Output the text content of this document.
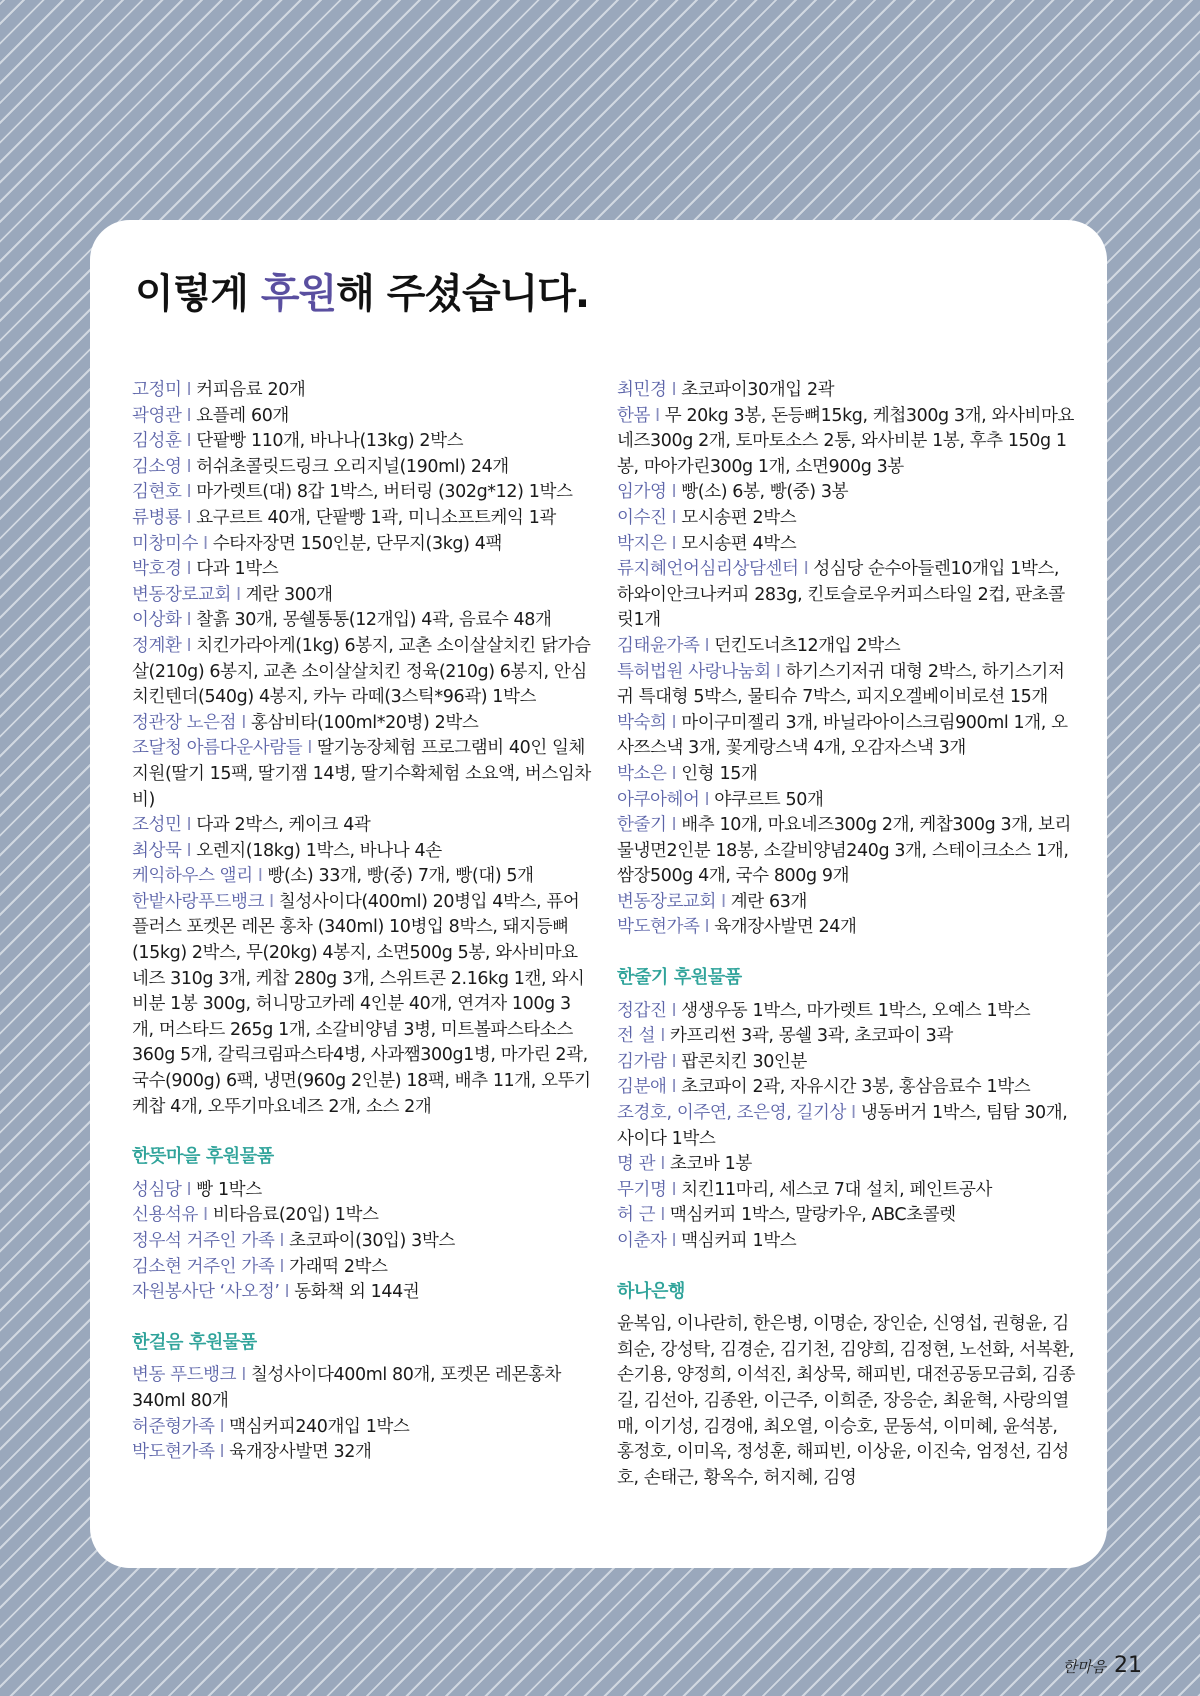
이렇게 후원해 주셨습니다.

고정미 I 커피음료 20개

곽영관 I 요플레 60개

김성훈 I 단팥빵 110개, 바나나(13kg) 2박스

김소영 I 허쉬초콜릿드링크 오리지널(190ml) 24개

김현호 I 마가렛트(대) 8갑 1박스, 버터링 (302g*12) 1박스

류병룡 I 요구르트 40개, 단팥빵 1곽, 미니소프트케익 1곽

미창미수 I 수타자장면 150인분, 단무지(3kg) 4팩

박호경 I 다과 1박스

변동장로교회 I 계란 300개

이상화 I 찰흙 30개, 몽쉘통통(12개입) 4곽, 음료수 48개

정계환 I 치킨가라아게(1kg) 6봉지, 교촌 소이살살치킨 닭가슴살(210g) 6봉지, 교촌 소이살살치킨 정육(210g) 6봉지, 안심치킨텐더(540g) 4봉지, 카누 라떼(3스틱*96곽) 1박스

정관장 노은점 I 홍삼비타(100ml*20병) 2박스

조달청 아름다운사람들 I 딸기농장체험 프로그램비 40인 일체 지원(딸기 15팩, 딸기잼 14병, 딸기수확체험 소요액, 버스임차비)

조성민 I 다과 2박스, 케이크 4곽

최상묵 I 오렌지(18kg) 1박스, 바나나 4손

케익하우스 앨리 I 빵(소) 33개, 빵(중) 7개, 빵(대) 5개

한밭사랑푸드뱅크 I 칠성사이다(400ml) 20병입 4박스, 퓨어플러스 포켓몬 레몬 홍차 (340ml) 10병입 8박스, 돼지등뼈(15kg) 2박스, 무(20kg) 4봉지, 소면500g 5봉, 와사비마요네즈 310g 3개, 케찹 280g 3개, 스위트콘 2.16kg 1캔, 와시비분 1봉 300g, 허니망고카레 4인분 40개, 연겨자 100g 3개, 머스타드 265g 1개, 소갈비양념 3병, 미트볼파스타소스360g 5개, 갈릭크림파스타4병, 사과쨈300g1병, 마가린 2곽, 국수(900g) 6팩, 냉면(960g 2인분) 18팩, 배추 11개, 오뚜기케찹 4개, 오뚜기마요네즈 2개, 소스 2개

한뜻마을 후원물품

성심당 I 빵 1박스

신용석유 I 비타음료(20입) 1박스

정우석 거주인 가족 I 초코파이(30입) 3박스

김소현 거주인 가족 I 가래떡 2박스

자원봉사단 ‘사오정’ I 동화책 외 144권

한걸음 후원물품

변동 푸드뱅크 I 칠성사이다400ml 80개, 포켓몬 레몬홍차340ml 80개

허준형가족 I 맥심커피240개입 1박스

박도현가족 I 육개장사발면 32개

최민경 I 초코파이30개입 2곽

한몸 I 무 20kg 3봉, 돈등뼈15kg, 케첩300g 3개, 와사비마요네즈300g 2개, 토마토소스 2통, 와사비분 1봉, 후추 150g 1봉, 마아가린300g 1개, 소면900g 3봉

임가영 I 빵(소) 6봉, 빵(중) 3봉

이수진 I 모시송편 2박스

박지은 I 모시송편 4박스

류지혜언어심리상담센터 I 성심당 순수아들렌10개입 1박스, 하와이안크나커피 283g, 킨토슬로우커피스타일 2컵, 판초콜릿1개

김태윤가족 I 던킨도너츠12개입 2박스

특허법원 사랑나눔회 I 하기스기저귀 대형 2박스, 하기스기저귀 특대형 5박스, 물티슈 7박스, 피지오겔베이비로션 15개

박숙희 I 마이구미젤리 3개, 바닐라아이스크림900ml 1개, 오사쯔스낵 3개, 꽃게랑스낵 4개, 오감자스낵 3개

박소은 I 인형 15개

아쿠아헤어 I 야쿠르트 50개

한줄기 I 배추 10개, 마요네즈300g 2개, 케찹300g 3개, 보리물냉면2인분 18봉, 소갈비양념240g 3개, 스테이크소스 1개, 쌈장500g 4개, 국수 800g 9개

변동장로교회 I 계란 63개

박도현가족 I 육개장사발면 24개

한줄기 후원물품

정갑진 I 생생우동 1박스, 마가렛트 1박스, 오예스 1박스

전 설 I 카프리썬 3곽, 몽쉘 3곽, 초코파이 3곽

김가람 I 팝콘치킨 30인분

김분애 I 초코파이 2곽, 자유시간 3봉, 홍삼음료수 1박스

조경호, 이주연, 조은영, 길기상 I 냉동버거 1박스, 팀탐 30개, 사이다 1박스

명 관 I 초코바 1봉

무기명 I 치킨11마리, 세스코 7대 설치, 페인트공사

허 근 I 맥심커피 1박스, 말랑카우, ABC초콜렛

이춘자 I 맥심커피 1박스

하나은행

윤복임, 이나란히, 한은병, 이명순, 장인순, 신영섭, 권형윤, 김희순, 강성탁, 김경순, 김기천, 김양희, 김정현, 노선화, 서복환, 손기용, 양정희, 이석진, 최상묵, 해피빈, 대전공동모금회, 김종길, 김선아, 김종완, 이근주, 이희준, 장응순, 최윤혁, 사랑의열매, 이기성, 김경애, 최오열, 이승호, 문동석, 이미혜, 윤석봉, 홍정호, 이미옥, 정성훈, 해피빈, 이상윤, 이진숙, 엄정선, 김성호, 손태근, 황옥수, 허지혜, 김영

한마음 21
